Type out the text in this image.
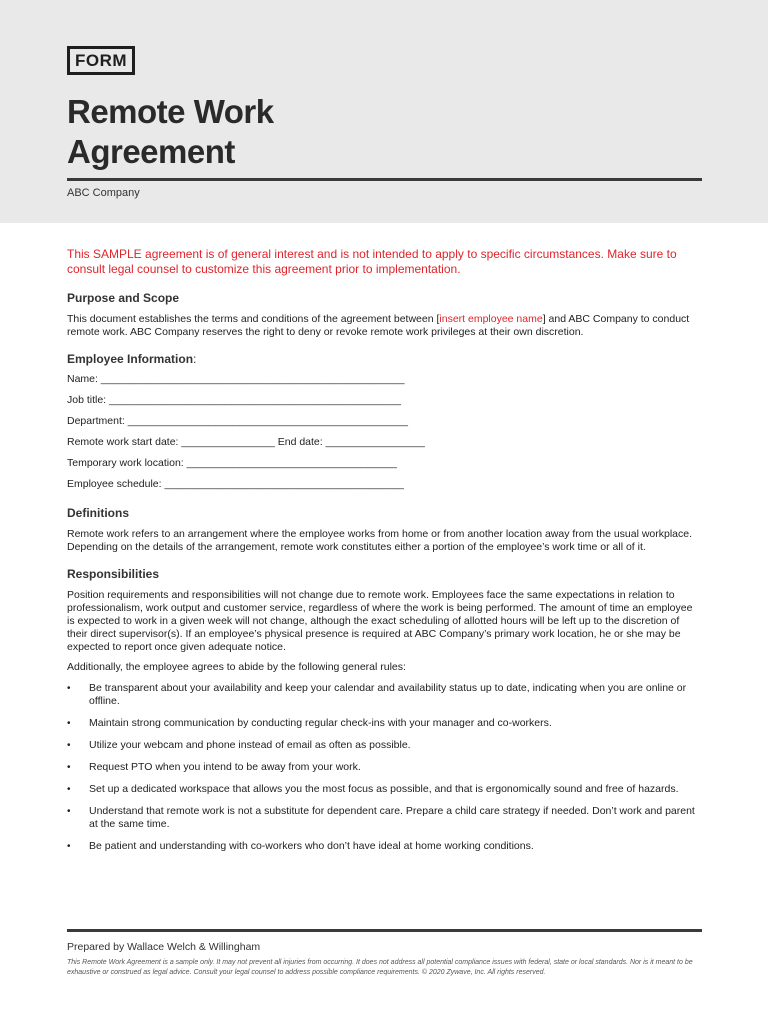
FORM
Remote Work
Agreement
ABC Company

This SAMPLE agreement is of general interest and is not intended to apply to specific circumstances. Make sure to consult legal counsel to customize this agreement prior to implementation.

Purpose and Scope

This document establishes the terms and conditions of the agreement between [insert employee name] and ABC Company to conduct remote work. ABC Company reserves the right to deny or revoke remote work privileges at their own discretion.

Employee Information:
Name: ____________________________________________________
Job title: __________________________________________________
Department: ________________________________________________
Remote work start date: ________________ End date: _________________
Temporary work location: ____________________________________
Employee schedule: _________________________________________
Definitions

Remote work refers to an arrangement where the employee works from home or from another location away from the usual workplace. Depending on the details of the arrangement, remote work constitutes either a portion of the employee’s work time or all of it.

Responsibilities

Position requirements and responsibilities will not change due to remote work. Employees face the same expectations in relation to professionalism, work output and customer service, regardless of where the work is being performed. The amount of time an employee is expected to work in a given week will not change, although the exact scheduling of allotted hours will be left up to the discretion of their direct supervisor(s). If an employee’s physical presence is required at ABC Company’s primary work location, he or she may be expected to report once given adequate notice.

Additionally, the employee agrees to abide by the following general rules:

• Be transparent about your availability and keep your calendar and availability status up to date, indicating when you are online or offline.
• Maintain strong communication by conducting regular check-ins with your manager and co-workers.
• Utilize your webcam and phone instead of email as often as possible.
• Request PTO when you intend to be away from your work.
• Set up a dedicated workspace that allows you the most focus as possible, and that is ergonomically sound and free of hazards.
• Understand that remote work is not a substitute for dependent care. Prepare a child care strategy if needed. Don’t work and parent at the same time.
• Be patient and understanding with co-workers who don’t have ideal at home working conditions.
Prepared by Wallace Welch & Willingham
This Remote Work Agreement is a sample only. It may not prevent all injuries from occurring. It does not address all potential compliance issues with federal, state or local standards. Nor is it meant to be exhaustive or construed as legal advice. Consult your legal counsel to address possible compliance requirements. © 2020 Zywave, Inc. All rights reserved.
